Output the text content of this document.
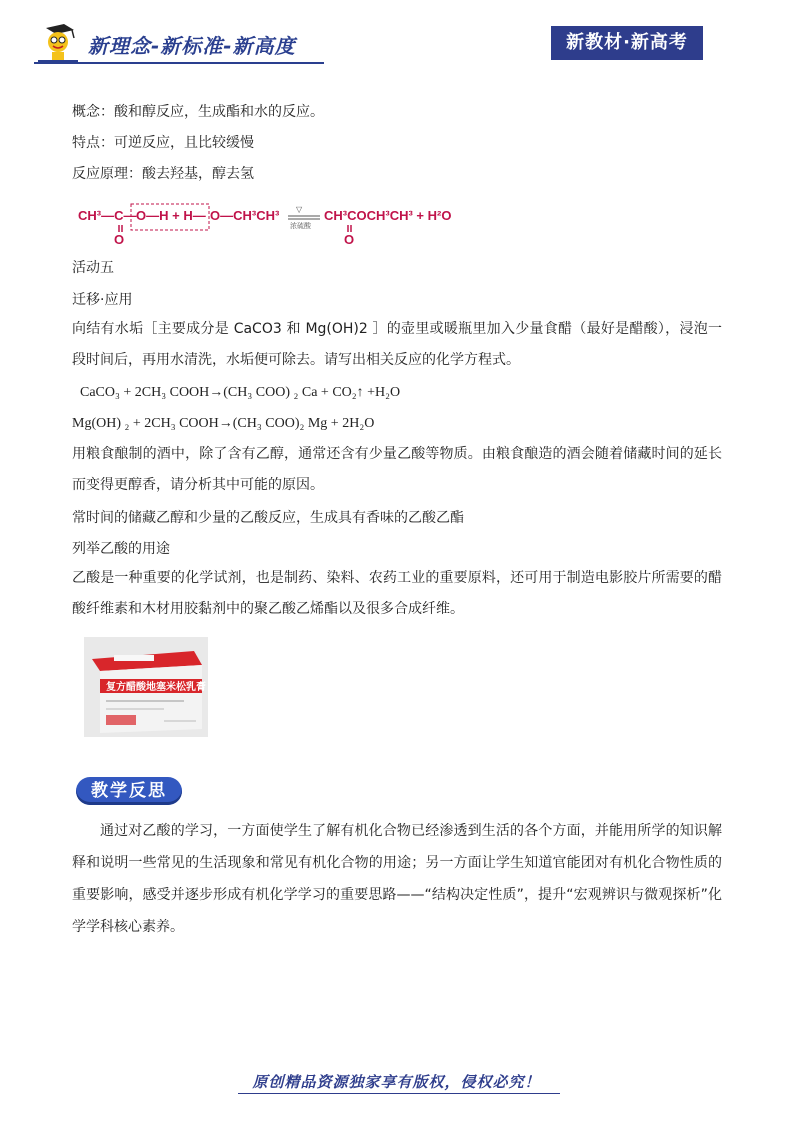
新理念-新标准-新高度	新教材·新高考
概念：酸和醇反应，生成酯和水的反应。
特点：可逆反应，且比较缓慢
反应原理：酸去羟基，醇去氢
CH³—C— O—H + H— O—CH³CH³ ▽
浓硫酸
CH³COCH³CH³ + H²O
O	O
活动五
迁移·应用
向结有水垢［主要成分是 CaCO3 和 Mg(OH)2 ］的壶里或暖瓶里加入少量食醋（最好是醋酸），浸泡一段时间后，再用水清洗，水垢便可除去。请写出相关反应的化学方程式。
CaCO₃ + 2CH₃ COOH→(CH₃ COO) ₂ Ca + CO₂↑ +H₂O
Mg(OH) ₂ + 2CH₃ COOH→(CH₃ COO)₂ Mg + 2H₂O
用粮食酿制的酒中，除了含有乙醇，通常还含有少量乙酸等物质。由粮食酿造的酒会随着储藏时间的延长而变得更醇香，请分析其中可能的原因。
常时间的储藏乙醇和少量的乙酸反应，生成具有香味的乙酸乙酯
列举乙酸的用途
乙酸是一种重要的化学试剂，也是制药、染料、农药工业的重要原料，还可用于制造电影胶片所需要的醋酸纤维素和木材用胶黏剂中的聚乙酸乙烯酯以及很多合成纤维。
复方醋酸地塞米松乳膏
教学反思
通过对乙酸的学习，一方面使学生了解有机化合物已经渗透到生活的各个方面，并能用所学的知识解释和说明一些常见的生活现象和常见有机化合物的用途；另一方面让学生知道官能团对有机化合物性质的重要影响，感受并逐步形成有机化学学习的重要思路——“结构决定性质”，提升“宏观辨识与微观探析”化学学科核心素养。
原创精品资源独家享有版权，侵权必究！
